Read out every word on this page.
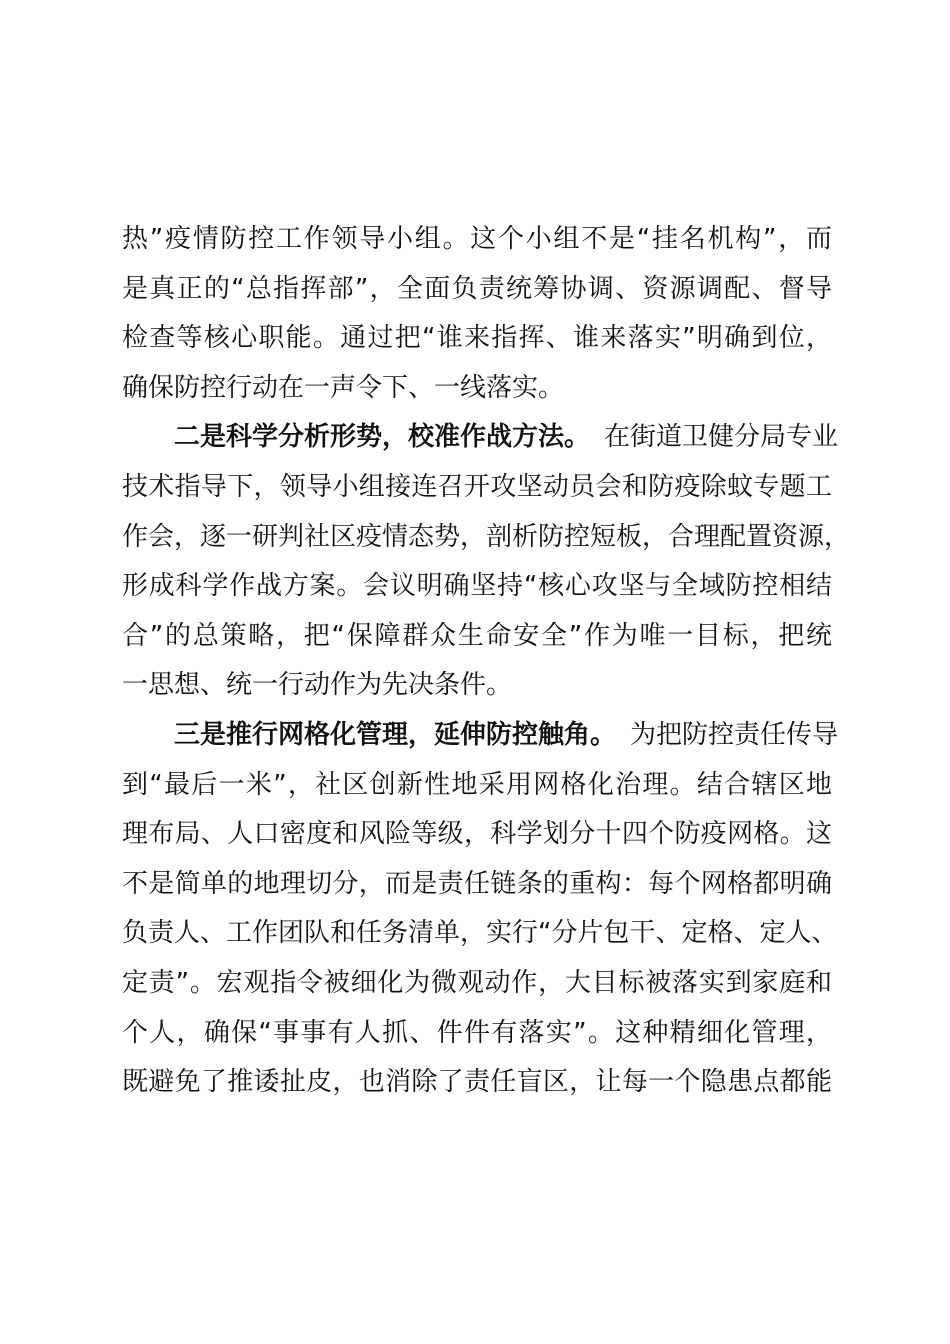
热”疫情防控工作领导小组。这个小组不是“挂名机构”，而
是真正的“总指挥部”，全面负责统筹协调、资源调配、督导
检查等核心职能。通过把“谁来指挥、谁来落实”明确到位，
确保防控行动在一声令下、一线落实。
二是科学分析形势，校准作战方法。 在街道卫健分局专业
技术指导下，领导小组接连召开攻坚动员会和防疫除蚊专题工
作会，逐一研判社区疫情态势，剖析防控短板，合理配置资源，
形成科学作战方案。会议明确坚持“核心攻坚与全域防控相结
合”的总策略，把“保障群众生命安全”作为唯一目标，把统
一思想、统一行动作为先决条件。
三是推行网格化管理，延伸防控触角。 为把防控责任传导
到“最后一米”，社区创新性地采用网格化治理。结合辖区地
理布局、人口密度和风险等级，科学划分十四个防疫网格。这
不是简单的地理切分，而是责任链条的重构：每个网格都明确
负责人、工作团队和任务清单，实行“分片包干、定格、定人、
定责”。宏观指令被细化为微观动作，大目标被落实到家庭和
个人，确保“事事有人抓、件件有落实”。这种精细化管理，
既避免了推诿扯皮，也消除了责任盲区，让每一个隐患点都能
